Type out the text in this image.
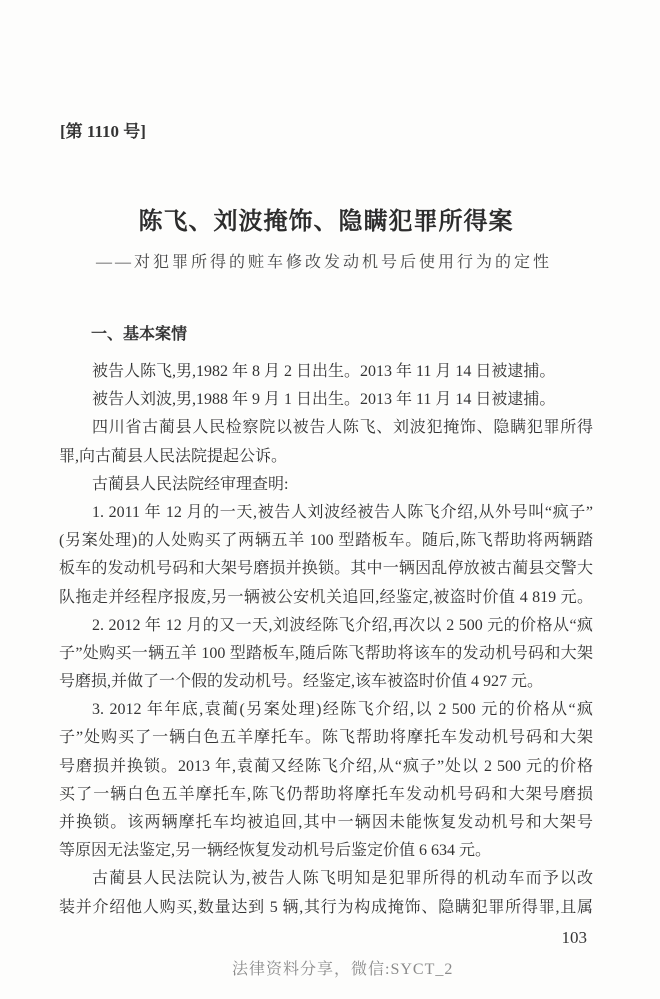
[第 1110 号]
陈飞、刘波掩饰、隐瞒犯罪所得案
——对犯罪所得的赃车修改发动机号后使用行为的定性
一、基本案情
被告人陈飞,男,1982 年 8 月 2 日出生。2013 年 11 月 14 日被逮捕。
被告人刘波,男,1988 年 9 月 1 日出生。2013 年 11 月 14 日被逮捕。
四川省古蔺县人民检察院以被告人陈飞、刘波犯掩饰、隐瞒犯罪所得
罪,向古蔺县人民法院提起公诉。
古蔺县人民法院经审理查明:
1. 2011 年 12 月的一天,被告人刘波经被告人陈飞介绍,从外号叫“疯子”
(另案处理)的人处购买了两辆五羊 100 型踏板车。随后,陈飞帮助将两辆踏
板车的发动机号码和大架号磨损并换锁。其中一辆因乱停放被古蔺县交警大
队拖走并经程序报废,另一辆被公安机关追回,经鉴定,被盗时价值 4 819 元。
2. 2012 年 12 月的又一天,刘波经陈飞介绍,再次以 2 500 元的价格从“疯
子”处购买一辆五羊 100 型踏板车,随后陈飞帮助将该车的发动机号码和大架
号磨损,并做了一个假的发动机号。经鉴定,该车被盗时价值 4 927 元。
3. 2012 年年底,袁蔺(另案处理)经陈飞介绍,以 2 500 元的价格从“疯
子”处购买了一辆白色五羊摩托车。陈飞帮助将摩托车发动机号码和大架
号磨损并换锁。2013 年,袁蔺又经陈飞介绍,从“疯子”处以 2 500 元的价格
买了一辆白色五羊摩托车,陈飞仍帮助将摩托车发动机号码和大架号磨损
并换锁。该两辆摩托车均被追回,其中一辆因未能恢复发动机号和大架号
等原因无法鉴定,另一辆经恢复发动机号后鉴定价值 6 634 元。
古蔺县人民法院认为,被告人陈飞明知是犯罪所得的机动车而予以改
装并介绍他人购买,数量达到 5 辆,其行为构成掩饰、隐瞒犯罪所得罪,且属
103
法律资料分享，微信:SYCT_2
